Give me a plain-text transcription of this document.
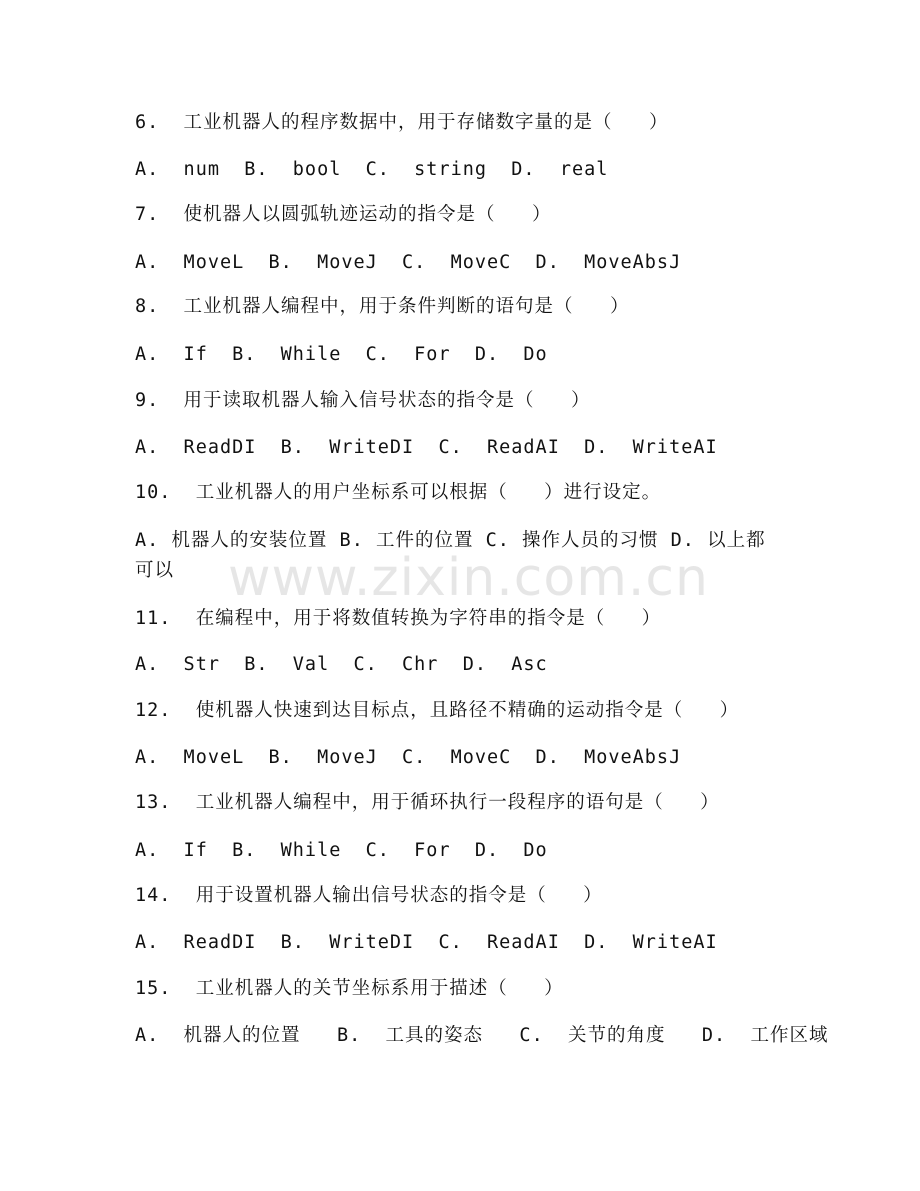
www.zixin.com.cn
6.  工业机器人的程序数据中，用于存储数字量的是（   ）
A.  num  B.  bool  C.  string  D.  real
7.  使机器人以圆弧轨迹运动的指令是（   ）
A.  MoveL  B.  MoveJ  C.  MoveC  D.  MoveAbsJ
8.  工业机器人编程中，用于条件判断的语句是（   ）
A.  If  B.  While  C.  For  D.  Do
9.  用于读取机器人输入信号状态的指令是（   ）
A.  ReadDI  B.  WriteDI  C.  ReadAI  D.  WriteAI
10.  工业机器人的用户坐标系可以根据（   ）进行设定。
A. 机器人的安装位置 B. 工件的位置 C. 操作人员的习惯 D. 以上都可以
11.  在编程中，用于将数值转换为字符串的指令是（   ）
A.  Str  B.  Val  C.  Chr  D.  Asc
12.  使机器人快速到达目标点，且路径不精确的运动指令是（   ）
A.  MoveL  B.  MoveJ  C.  MoveC  D.  MoveAbsJ
13.  工业机器人编程中，用于循环执行一段程序的语句是（   ）
A.  If  B.  While  C.  For  D.  Do
14.  用于设置机器人输出信号状态的指令是（   ）
A.  ReadDI  B.  WriteDI  C.  ReadAI  D.  WriteAI
15.  工业机器人的关节坐标系用于描述（   ）
A.  机器人的位置   B.  工具的姿态   C.  关节的角度   D.  工作区域
